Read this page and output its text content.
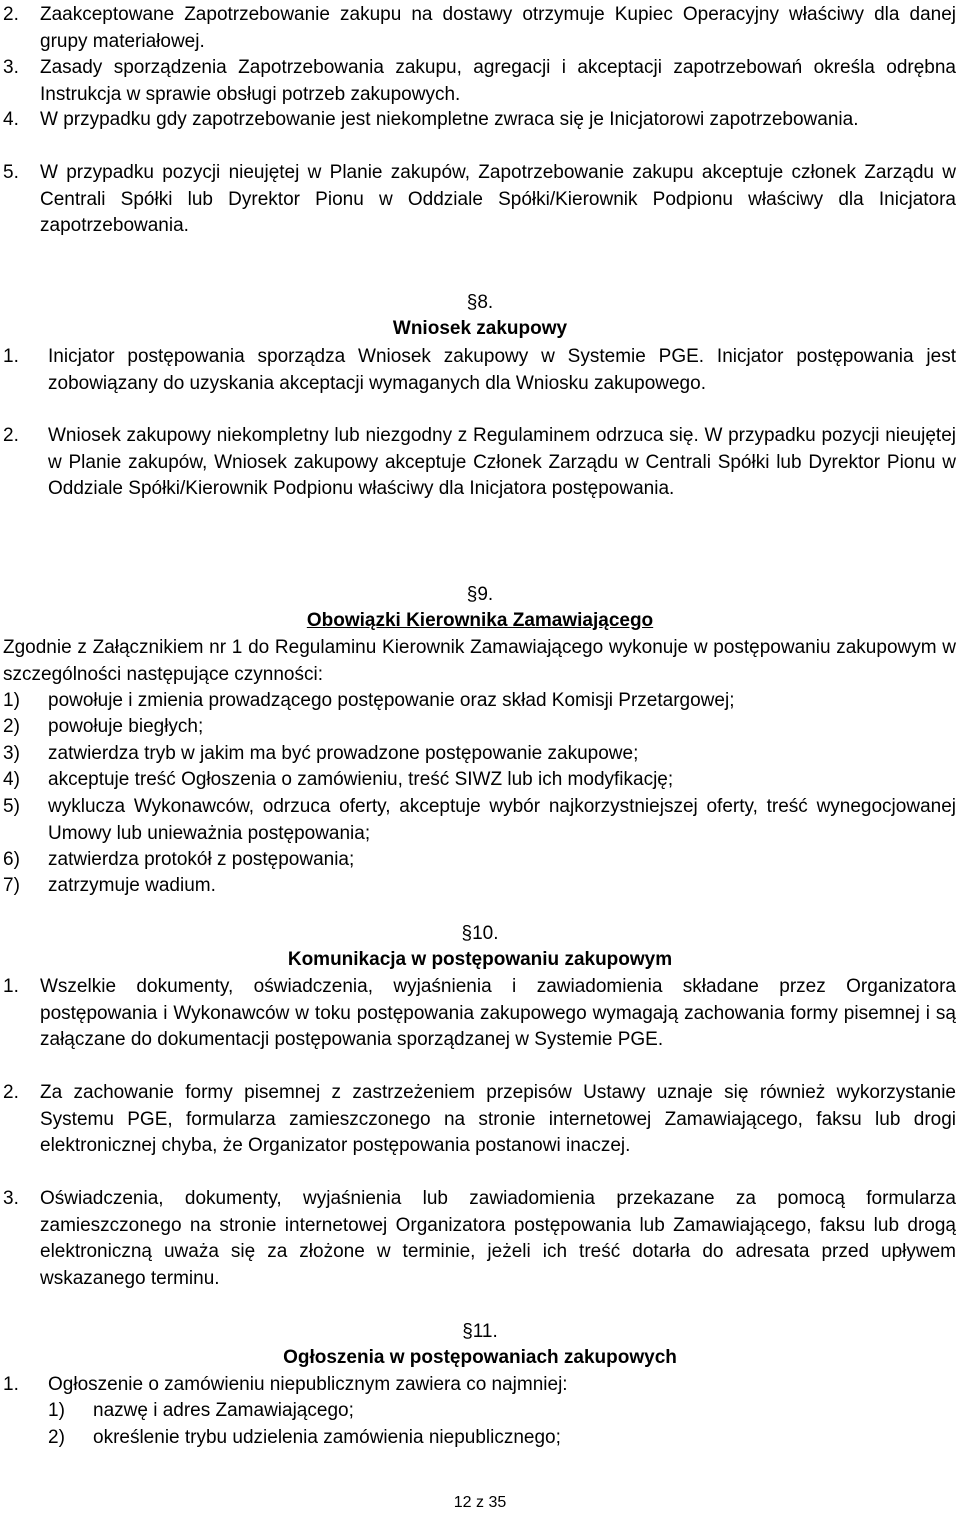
2. Zaakceptowane Zapotrzebowanie zakupu na dostawy otrzymuje Kupiec Operacyjny właściwy dla danej grupy materiałowej.

3. Zasady sporządzenia Zapotrzebowania zakupu, agregacji i akceptacji zapotrzebowań określa odrębna Instrukcja w sprawie obsługi potrzeb zakupowych.

4. W przypadku gdy zapotrzebowanie jest niekompletne zwraca się je Inicjatorowi zapotrzebowania.

5. W przypadku pozycji nieujętej w Planie zakupów, Zapotrzebowanie zakupu akceptuje członek Zarządu w Centrali Spółki lub Dyrektor Pionu w Oddziale Spółki/Kierownik Podpionu właściwy dla Inicjatora zapotrzebowania.

§8.
Wniosek zakupowy
1. Inicjator postępowania sporządza Wniosek zakupowy w Systemie PGE. Inicjator postępowania jest zobowiązany do uzyskania akceptacji wymaganych dla Wniosku zakupowego.

2. Wniosek zakupowy niekompletny lub niezgodny z Regulaminem odrzuca się. W przypadku pozycji nieujętej w Planie zakupów, Wniosek zakupowy akceptuje Członek Zarządu w Centrali Spółki lub Dyrektor Pionu w Oddziale Spółki/Kierownik Podpionu właściwy dla Inicjatora postępowania.

§9.
Obowiązki Kierownika Zamawiającego

Zgodnie z Załącznikiem nr 1 do Regulaminu Kierownik Zamawiającego wykonuje w postępowaniu zakupowym w szczególności następujące czynności:

1) powołuje i zmienia prowadzącego postępowanie oraz skład Komisji Przetargowej;

2) powołuje biegłych;

3) zatwierdza tryb w jakim ma być prowadzone postępowanie zakupowe;

4) akceptuje treść Ogłoszenia o zamówieniu, treść SIWZ lub ich modyfikację;

5) wyklucza Wykonawców, odrzuca oferty, akceptuje wybór najkorzystniejszej oferty, treść wynegocjowanej Umowy lub unieważnia postępowania;

6) zatwierdza protokół z postępowania;

7) zatrzymuje wadium.

§10.
Komunikacja w postępowaniu zakupowym
1. Wszelkie dokumenty, oświadczenia, wyjaśnienia i zawiadomienia składane przez Organizatora postępowania i Wykonawców w toku postępowania zakupowego wymagają zachowania formy pisemnej i są załączane do dokumentacji postępowania sporządzanej w Systemie PGE.

2. Za zachowanie formy pisemnej z zastrzeżeniem przepisów Ustawy uznaje się również wykorzystanie Systemu PGE, formularza zamieszczonego na stronie internetowej Zamawiającego, faksu lub drogi elektronicznej chyba, że Organizator postępowania postanowi inaczej.

3. Oświadczenia, dokumenty, wyjaśnienia lub zawiadomienia przekazane za pomocą formularza zamieszczonego na stronie internetowej Organizatora postępowania lub Zamawiającego, faksu lub drogą elektroniczną uważa się za złożone w terminie, jeżeli ich treść dotarła do adresata przed upływem wskazanego terminu.

§11.
Ogłoszenia w postępowaniach zakupowych
1. Ogłoszenie o zamówieniu niepublicznym zawiera co najmniej:

1) nazwę i adres Zamawiającego;

2) określenie trybu udzielenia zamówienia niepublicznego;

12 z 35
